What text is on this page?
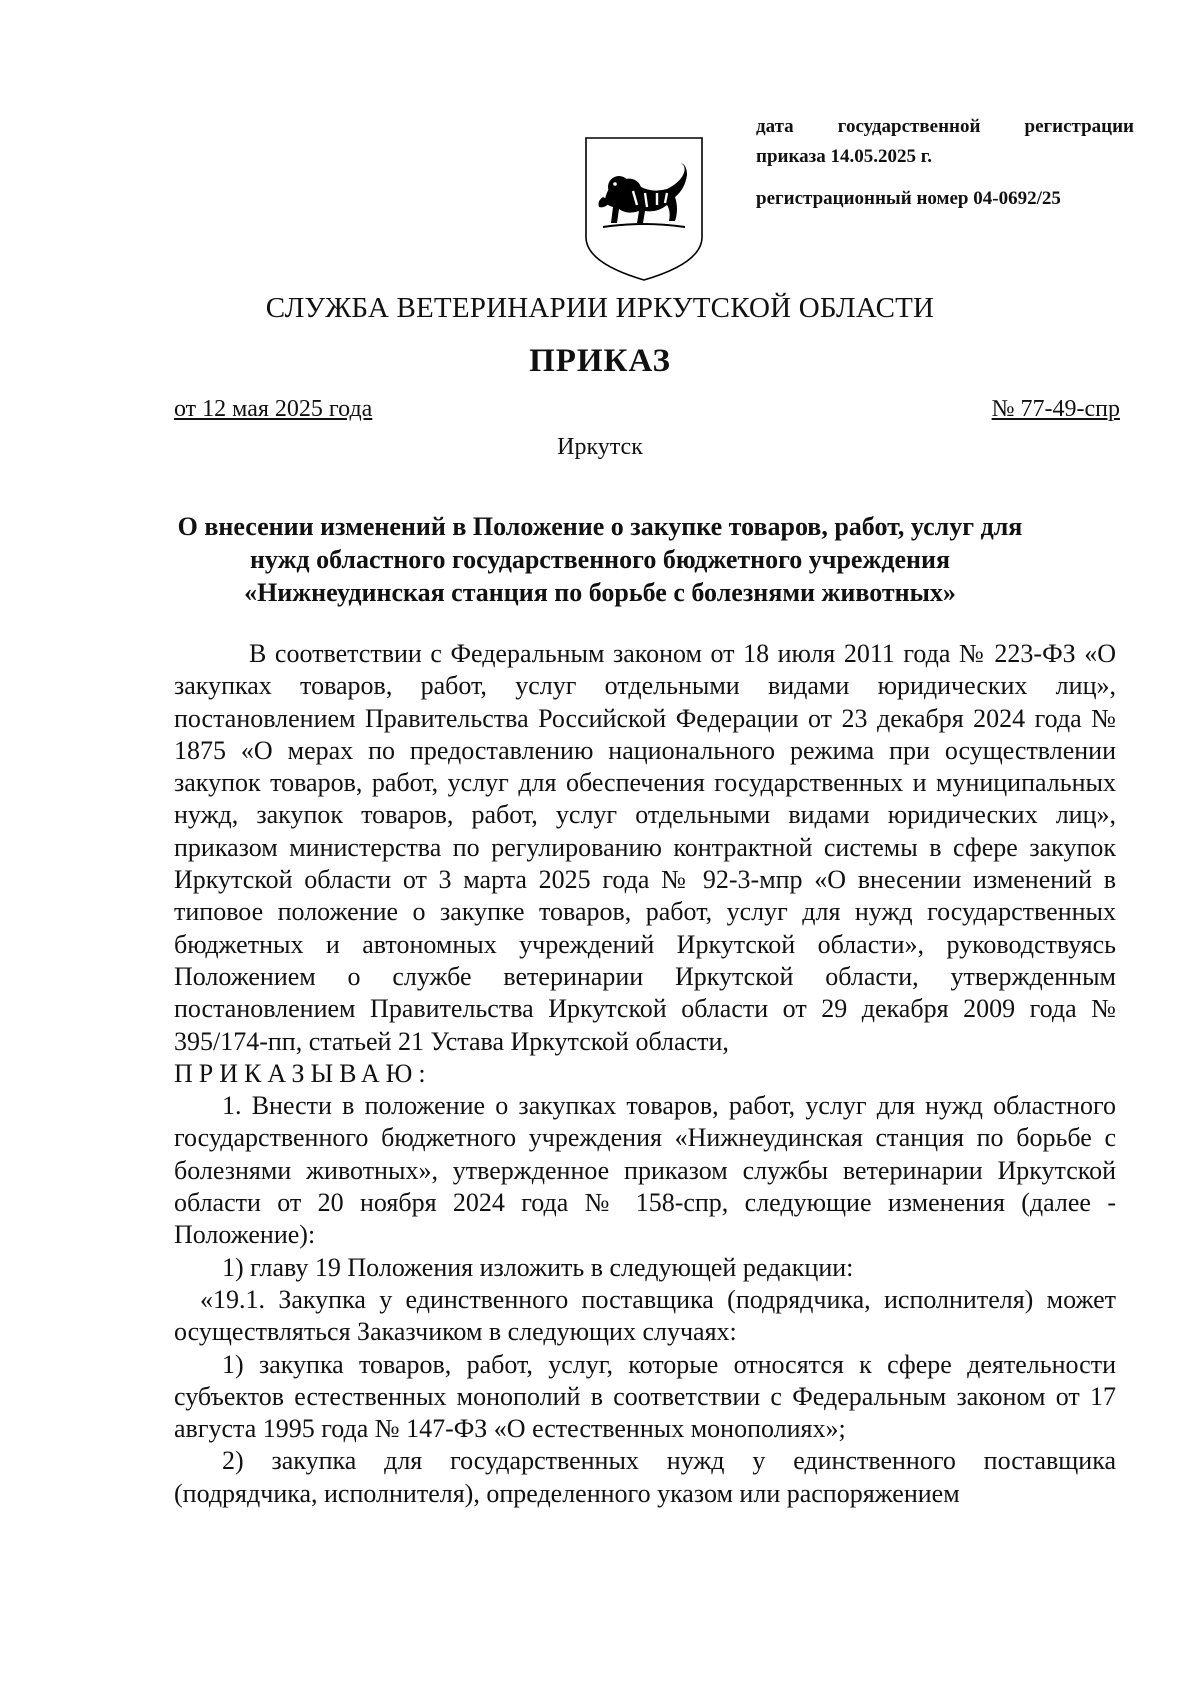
дата государственной регистрации
приказа 14.05.2025 г.
регистрационный номер 04-0692/25
СЛУЖБА ВЕТЕРИНАРИИ ИРКУТСКОЙ ОБЛАСТИ
ПРИКАЗ
от 12 мая 2025 года	№ 77-49-спр
Иркутск
О внесении изменений в Положение о закупке товаров, работ, услуг для
нужд областного государственного бюджетного учреждения
«Нижнеудинская станция по борьбе с болезнями животных»

В соответствии с Федеральным законом от 18 июля 2011 года № 223-ФЗ «О закупках товаров, работ, услуг отдельными видами юридических лиц», постановлением Правительства Российской Федерации от 23 декабря 2024 года № 1875 «О мерах по предоставлению национального режима при осуществлении закупок товаров, работ, услуг для обеспечения государственных и муниципальных нужд, закупок товаров, работ, услуг отдельными видами юридических лиц», приказом министерства по регулированию контрактной системы в сфере закупок Иркутской области от 3 марта 2025 года № 92-3-мпр «О внесении изменений в типовое положение о закупке товаров, работ, услуг для нужд государственных бюджетных и автономных учреждений Иркутской области», руководствуясь Положением о службе ветеринарии Иркутской области, утвержденным постановлением Правительства Иркутской области от 29 декабря 2009 года № 395/174-пп, статьей 21 Устава Иркутской области,

ПРИКАЗЫВАЮ:

1. Внести в положение о закупках товаров, работ, услуг для нужд областного государственного бюджетного учреждения «Нижнеудинская станция по борьбе с болезнями животных», утвержденное приказом службы ветеринарии Иркутской области от 20 ноября 2024 года № 158-спр, следующие изменения (далее - Положение):

1) главу 19 Положения изложить в следующей редакции:

«19.1. Закупка у единственного поставщика (подрядчика, исполнителя) может осуществляться Заказчиком в следующих случаях:

1) закупка товаров, работ, услуг, которые относятся к сфере деятельности субъектов естественных монополий в соответствии с Федеральным законом от 17 августа 1995 года № 147-ФЗ «О естественных монополиях»;

2) закупка для государственных нужд у единственного поставщика (подрядчика, исполнителя), определенного указом или распоряжением
